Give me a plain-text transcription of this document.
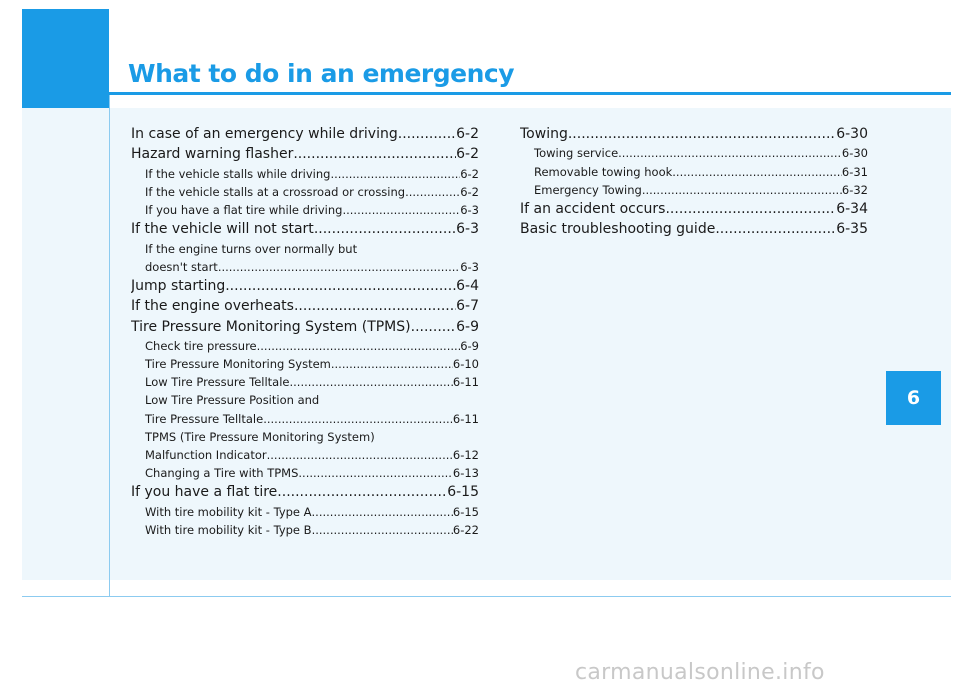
What to do in an emergency
6
In case of an emergency while driving .....	6-2
Hazard warning flasher .....	6-2
If the vehicle stalls while driving .....	6-2
If the vehicle stalls at a crossroad or crossing .....	6-2
If you have a flat tire while driving .....	6-3
If the vehicle will not start .....	6-3
If the engine turns over normally but
doesn't start .....	6-3
Jump starting .....	6-4
If the engine overheats .....	6-7
Tire Pressure Monitoring System (TPMS) .....	6-9
Check tire pressure .....	6-9
Tire Pressure Monitoring System .....	6-10
Low Tire Pressure Telltale .....	6-11
Low Tire Pressure Position and
Tire Pressure Telltale .....	6-11
TPMS (Tire Pressure Monitoring System)
Malfunction Indicator .....	6-12
Changing a Tire with TPMS .....	6-13
If you have a flat tire .....	6-15
With tire mobility kit - Type A .....	6-15
With tire mobility kit - Type B .....	6-22
Towing .....	6-30
Towing service .....	6-30
Removable towing hook .....	6-31
Emergency Towing .....	6-32
If an accident occurs .....	6-34
Basic troubleshooting guide .....	6-35
carmanualsonline.info
